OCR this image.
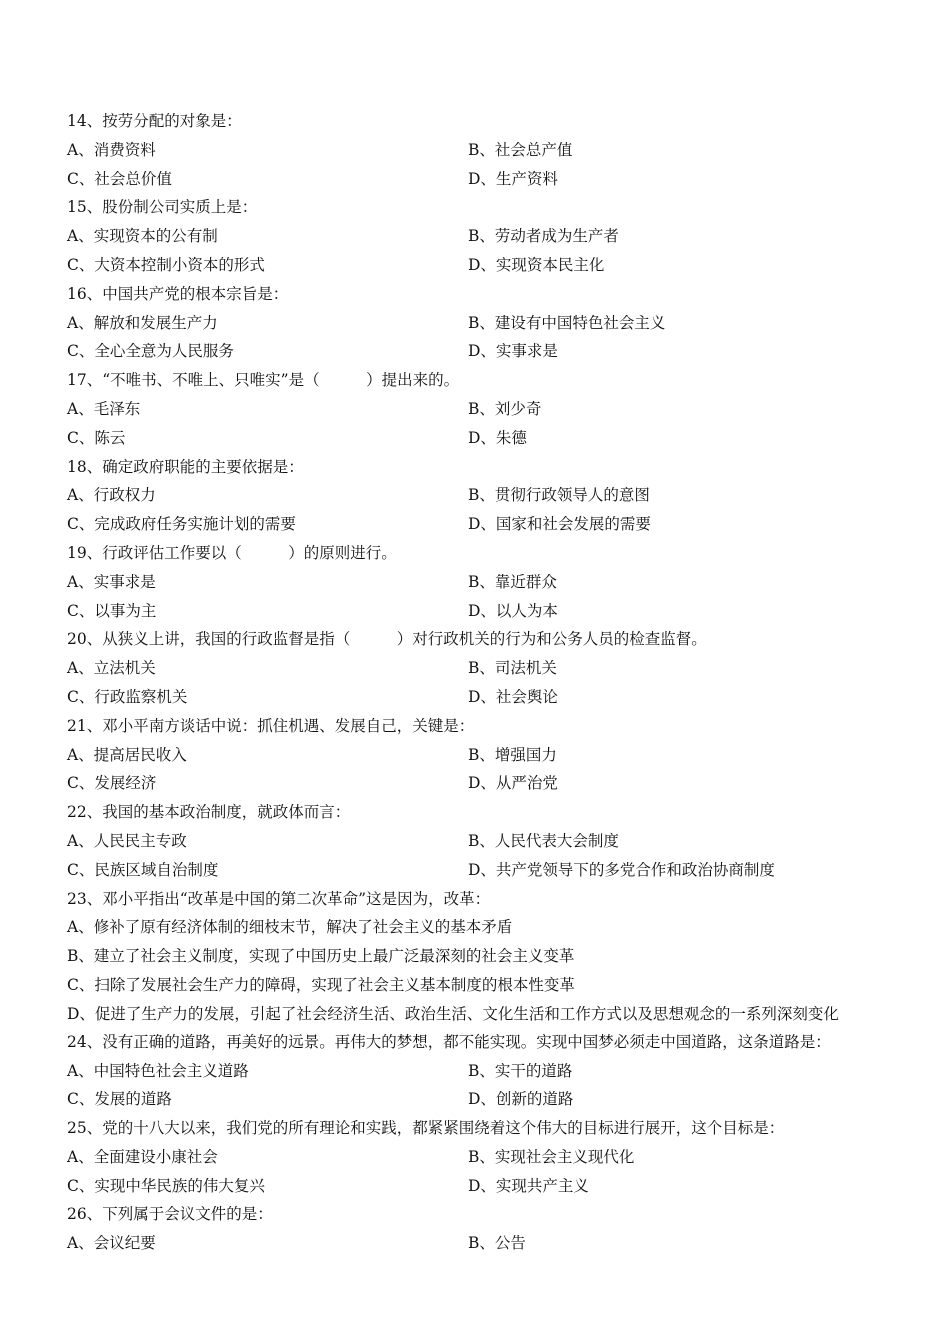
14、按劳分配的对象是：
A、消费资料	B、社会总产值
C、社会总价值	D、生产资料
15、股份制公司实质上是：
A、实现资本的公有制	B、劳动者成为生产者
C、大资本控制小资本的形式	D、实现资本民主化
16、中国共产党的根本宗旨是：
A、解放和发展生产力	B、建设有中国特色社会主义
C、全心全意为人民服务	D、实事求是
17、“不唯书、不唯上、只唯实”是（　　　）提出来的。
A、毛泽东	B、刘少奇
C、陈云	D、朱德
18、确定政府职能的主要依据是：
A、行政权力	B、贯彻行政领导人的意图
C、完成政府任务实施计划的需要	D、国家和社会发展的需要
19、行政评估工作要以（　　　）的原则进行。
A、实事求是	B、靠近群众
C、以事为主	D、以人为本
20、从狭义上讲，我国的行政监督是指（　　　）对行政机关的行为和公务人员的检查监督。
A、立法机关	B、司法机关
C、行政监察机关	D、社会舆论
21、邓小平南方谈话中说：抓住机遇、发展自己，关键是：
A、提高居民收入	B、增强国力
C、发展经济	D、从严治党
22、我国的基本政治制度，就政体而言：
A、人民民主专政	B、人民代表大会制度
C、民族区域自治制度	D、共产党领导下的多党合作和政治协商制度
23、邓小平指出“改革是中国的第二次革命”这是因为，改革：
A、修补了原有经济体制的细枝末节，解决了社会主义的基本矛盾
B、建立了社会主义制度，实现了中国历史上最广泛最深刻的社会主义变革
C、扫除了发展社会生产力的障碍，实现了社会主义基本制度的根本性变革
D、促进了生产力的发展，引起了社会经济生活、政治生活、文化生活和工作方式以及思想观念的一系列深刻变化
24、没有正确的道路，再美好的远景。再伟大的梦想，都不能实现。实现中国梦必须走中国道路，这条道路是：
A、中国特色社会主义道路	B、实干的道路
C、发展的道路	D、创新的道路
25、党的十八大以来，我们党的所有理论和实践，都紧紧围绕着这个伟大的目标进行展开，这个目标是：
A、全面建设小康社会	B、实现社会主义现代化
C、实现中华民族的伟大复兴	D、实现共产主义
26、下列属于会议文件的是：
A、会议纪要	B、公告
